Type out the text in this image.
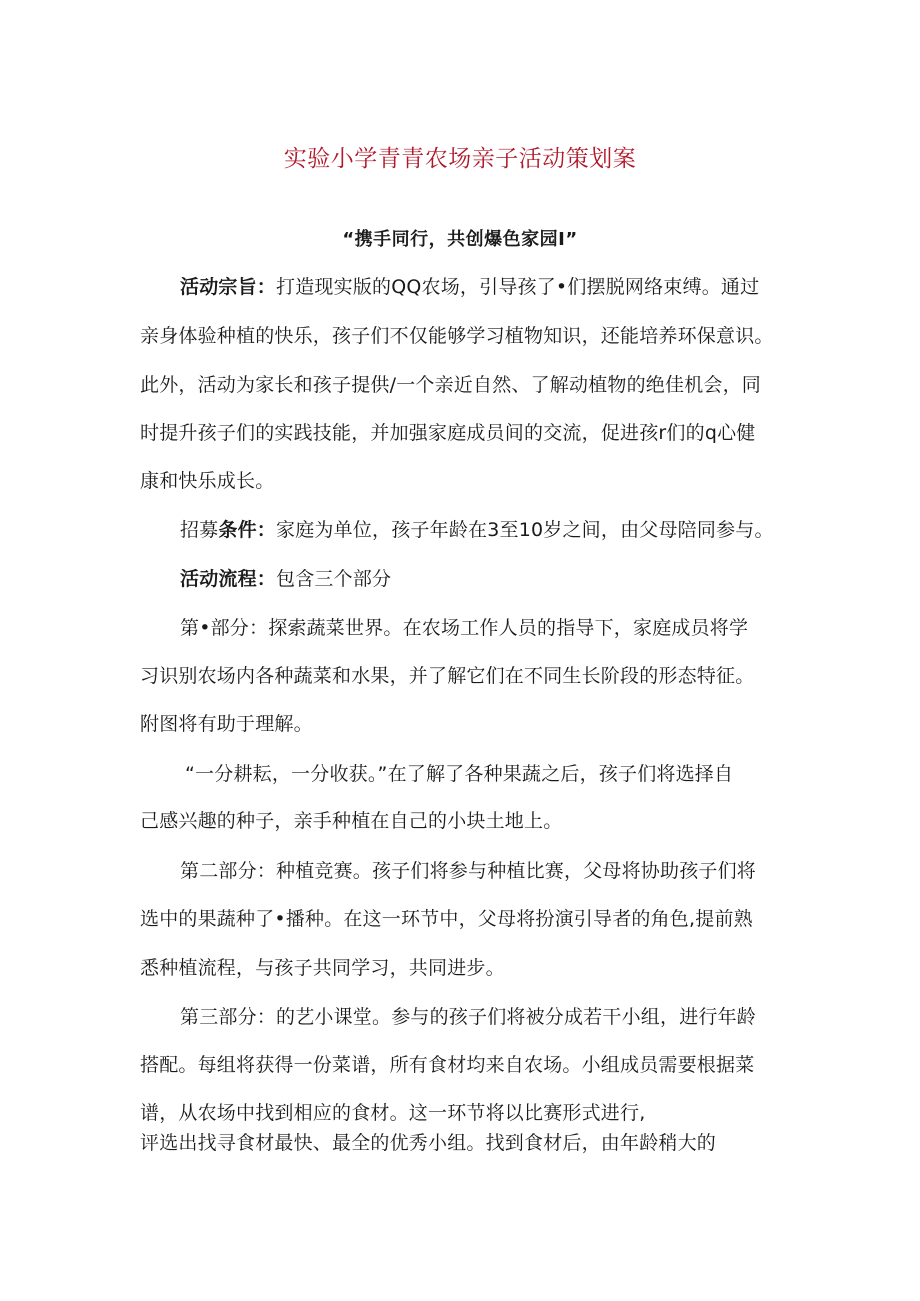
实验小学青青农场亲子活动策划案
“携手同行，共创爆色家园I”
活动宗旨：打造现实版的QQ农场，引导孩了•们摆脱网络束缚。通过
亲身体验种植的快乐，孩子们不仅能够学习植物知识，还能培养环保意识。
此外，活动为家长和孩子提供/一个亲近自然、了解动植物的绝佳机会，同
时提升孩子们的实践技能，并加强家庭成员间的交流，促进孩r们的q心健
康和快乐成长。
招募条件：家庭为单位，孩子年龄在3至10岁之间，由父母陪同参与。
活动流程：包含三个部分
第•部分：探索蔬菜世界。在农场工作人员的指导下，家庭成员将学
习识别农场内各种蔬菜和水果，并了解它们在不同生长阶段的形态特征。
附图将有助于理解。
“一分耕耘，一分收获。”在了解了各种果蔬之后，孩子们将选择自
己感兴趣的种子，亲手种植在自己的小块土地上。
第二部分：种植竞赛。孩子们将参与种植比赛，父母将协助孩子们将
选中的果蔬种了•播种。在这一环节中，父母将扮演引导者的角色,提前熟
悉种植流程，与孩子共同学习，共同进步。
第三部分：的艺小课堂。参与的孩子们将被分成若干小组，进行年龄
搭配。每组将获得一份菜谱，所有食材均来自农场。小组成员需要根据菜
谱，从农场中找到相应的食材。这一环节将以比赛形式进行,
评选出找寻食材最快、最全的优秀小组。找到食材后，由年龄稍大的
